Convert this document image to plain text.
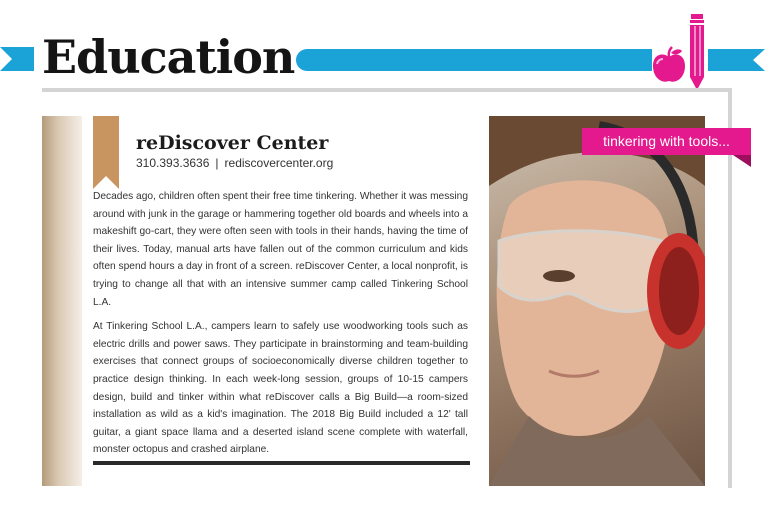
Education
reDiscover Center
310.393.3636 | rediscovercenter.org

Decades ago, children often spent their free time tinkering. Whether it was messing around with junk in the garage or hammering together old boards and wheels into a makeshift go-cart, they were often seen with tools in their hands, having the time of their lives. Today, manual arts have fallen out of the common curriculum and kids often spend hours a day in front of a screen. reDiscover Center, a local nonprofit, is trying to change all that with an intensive summer camp called Tinkering School L.A.

At Tinkering School L.A., campers learn to safely use woodworking tools such as electric drills and power saws. They participate in brainstorming and team-building exercises that connect groups of socioeconomically diverse children together to practice design thinking. In each week-long session, groups of 10-15 campers design, build and tinker within what reDiscover calls a Big Build—a room-sized installation as wild as a kid's imagination. The 2018 Big Build included a 12' tall guitar, a giant space llama and a deserted island scene complete with waterfall, monster octopus and crashed airplane.

tinkering with tools...
